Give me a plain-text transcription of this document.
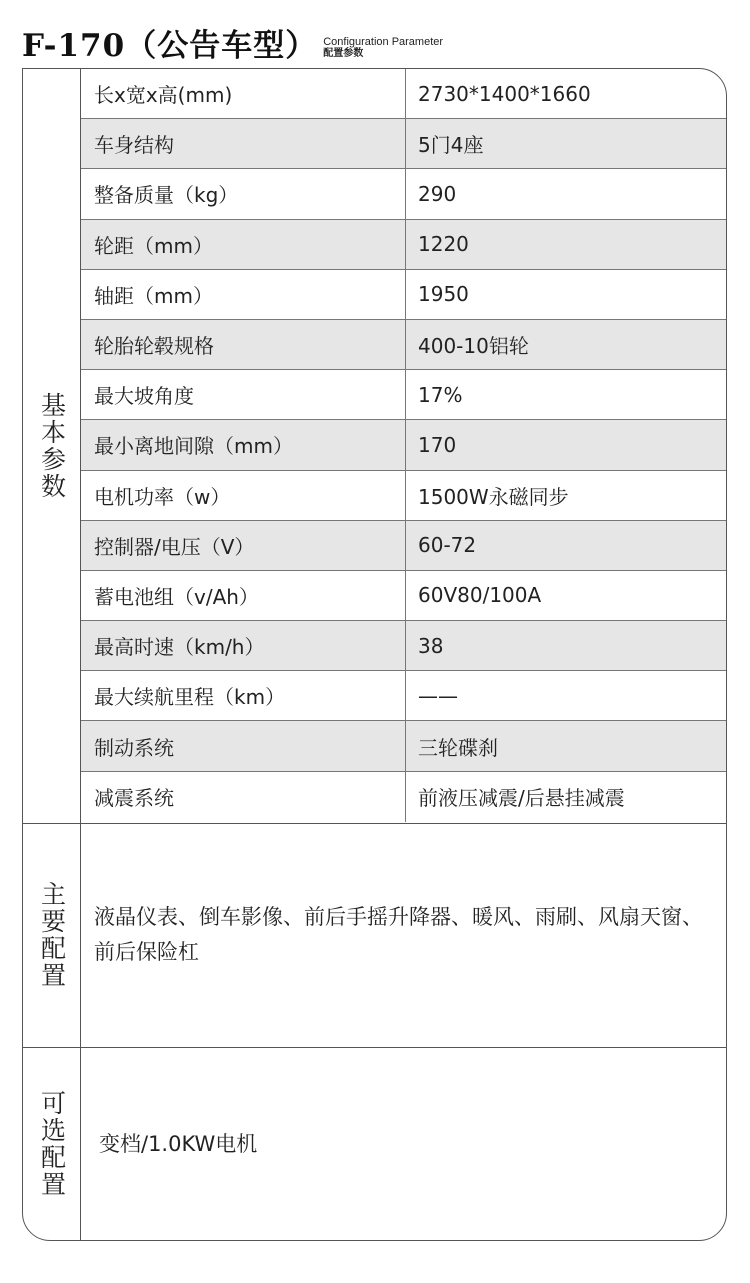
F-170（公告车型） Configuration Parameter
配置参数
基本参数
长x宽x高(mm)	2730*1400*1660
车身结构	5门4座
整备质量（kg）	290
轮距（mm）	1220
轴距（mm）	1950
轮胎轮毂规格	400-10铝轮
最大坡角度	17%
最小离地间隙（mm）	170
电机功率（w）	1500W永磁同步
控制器/电压（V）	60-72
蓄电池组（v/Ah）	60V80/100A
最高时速（km/h）	38
最大续航里程（km）	——
制动系统	三轮碟刹
减震系统	前液压减震/后悬挂减震
主要配置 液晶仪表、倒车影像、前后手摇升降器、暖风、雨刷、风扇天窗、前后保险杠
可选配置 变档/1.0KW电机
